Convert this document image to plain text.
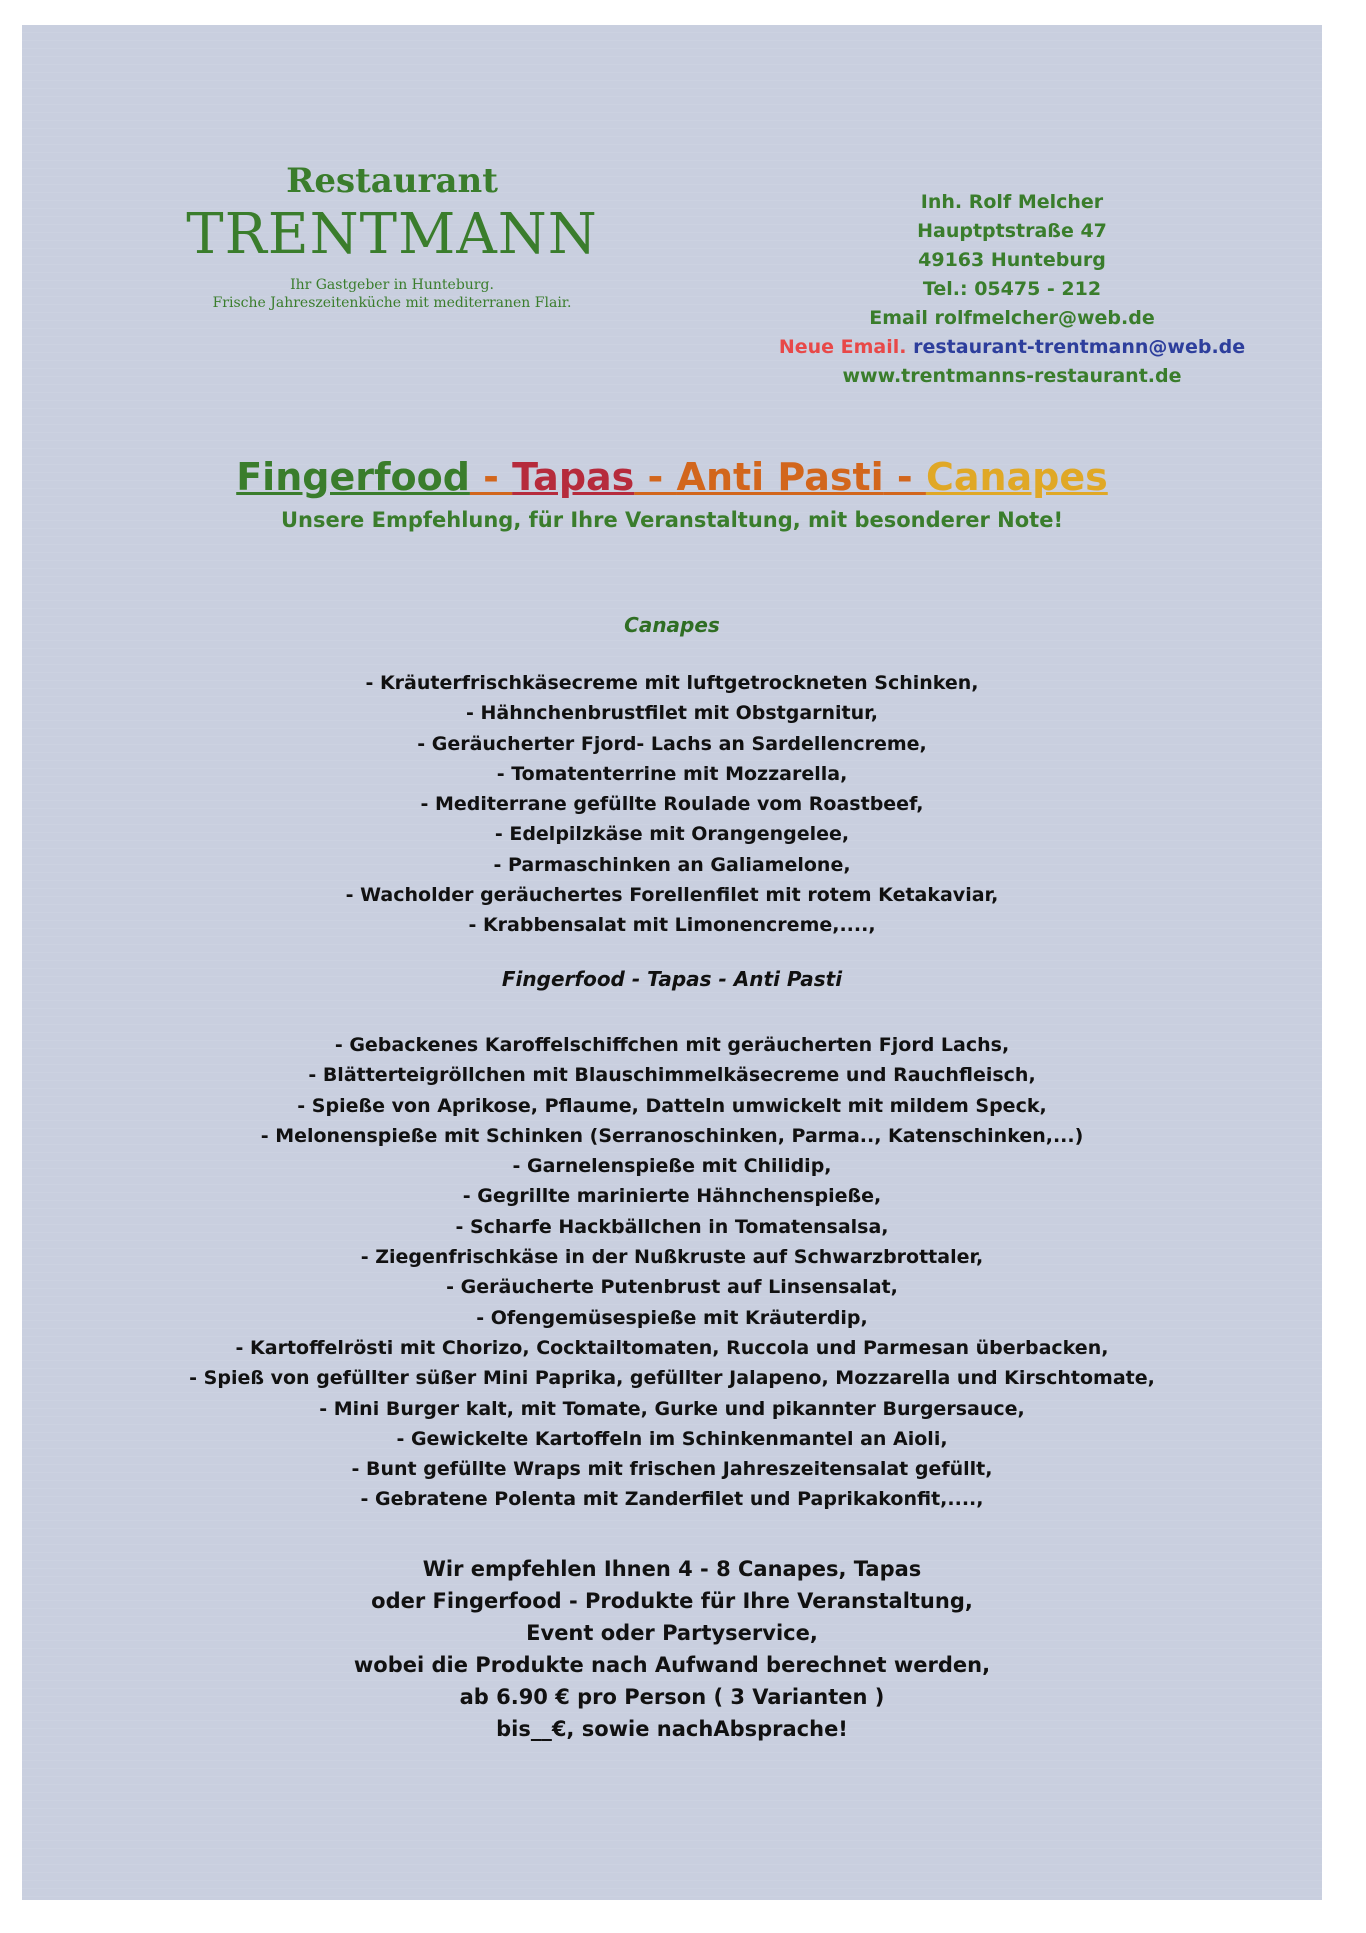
Restaurant
TRENTMANN
Ihr Gastgeber in Hunteburg.
Frische Jahreszeitenküche mit mediterranen Flair.
Inh. Rolf Melcher
Hauptptstraße 47
49163 Hunteburg
Tel.: 05475 - 212
Email rolfmelcher@web.de
Neue Email. restaurant-trentmann@web.de
www.trentmanns-restaurant.de
Fingerfood - Tapas - Anti Pasti - Canapes
Unsere Empfehlung, für Ihre Veranstaltung, mit besonderer Note!
Canapes
- Kräuterfrischkäsecreme mit luftgetrockneten Schinken,
- Hähnchenbrustfilet mit Obstgarnitur,
- Geräucherter Fjord- Lachs an Sardellencreme,
- Tomatenterrine mit Mozzarella,
- Mediterrane gefüllte Roulade vom Roastbeef,
- Edelpilzkäse mit Orangengelee,
- Parmaschinken an Galiamelone,
- Wacholder geräuchertes Forellenfilet mit rotem Ketakaviar,
- Krabbensalat mit Limonencreme,....,
Fingerfood - Tapas - Anti Pasti
- Gebackenes Karoffelschiffchen mit geräucherten Fjord Lachs,
- Blätterteigröllchen mit Blauschimmelkäsecreme und Rauchfleisch,
- Spieße von Aprikose, Pflaume, Datteln umwickelt mit mildem Speck,
- Melonenspieße mit Schinken (Serranoschinken, Parma.., Katenschinken,...)
- Garnelenspieße mit Chilidip,
- Gegrillte marinierte Hähnchenspieße,
- Scharfe Hackbällchen in Tomatensalsa,
- Ziegenfrischkäse in der Nußkruste auf Schwarzbrottaler,
- Geräucherte Putenbrust auf Linsensalat,
- Ofengemüsespieße mit Kräuterdip,
- Kartoffelrösti mit Chorizo, Cocktailtomaten, Ruccola und Parmesan überbacken,
- Spieß von gefüllter süßer Mini Paprika, gefüllter Jalapeno, Mozzarella und Kirschtomate,
- Mini Burger kalt, mit Tomate, Gurke und pikannter Burgersauce,
- Gewickelte Kartoffeln im Schinkenmantel an Aioli,
- Bunt gefüllte Wraps mit frischen Jahreszeitensalat gefüllt,
- Gebratene Polenta mit Zanderfilet und Paprikakonfit,....,
Wir empfehlen Ihnen 4 - 8 Canapes, Tapas
oder Fingerfood - Produkte für Ihre Veranstaltung,
Event oder Partyservice,
wobei die Produkte nach Aufwand berechnet werden,
ab 6.90 € pro Person ( 3 Varianten )
bis__€, sowie nachAbsprache!
